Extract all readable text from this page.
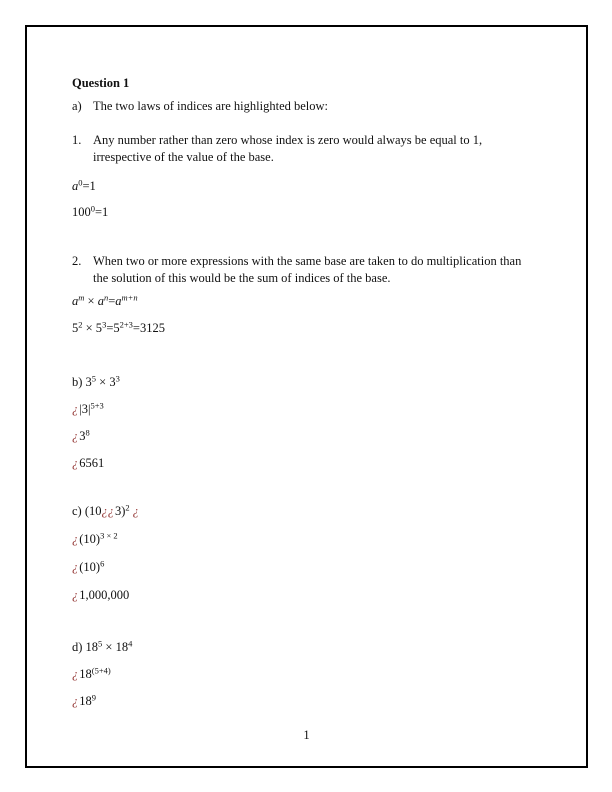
Question 1
a) The two laws of indices are highlighted below:
1. Any number rather than zero whose index is zero would always be equal to 1, irrespective of the value of the base.
$a^0=1$
$100^0=1$
2. When two or more expressions with the same base are taken to do multiplication than the solution of this would be the sum of indices of the base.
$a^m \times a^n=a^{m+n}$
$5^2 \times 5^3=5^{2+3}=3125$
b) $3^5 \times 3^3$
¿$|3|^{5+3}$
¿$3^8$
¿6561
c) (10¿¿3)$^2$ ¿
¿$(10)^{3 \times 2}$
¿$(10)^6$
¿1,000,000
d) $18^5 \times 18^4$
¿$18^{(5+4)}$
¿$18^9$
1
